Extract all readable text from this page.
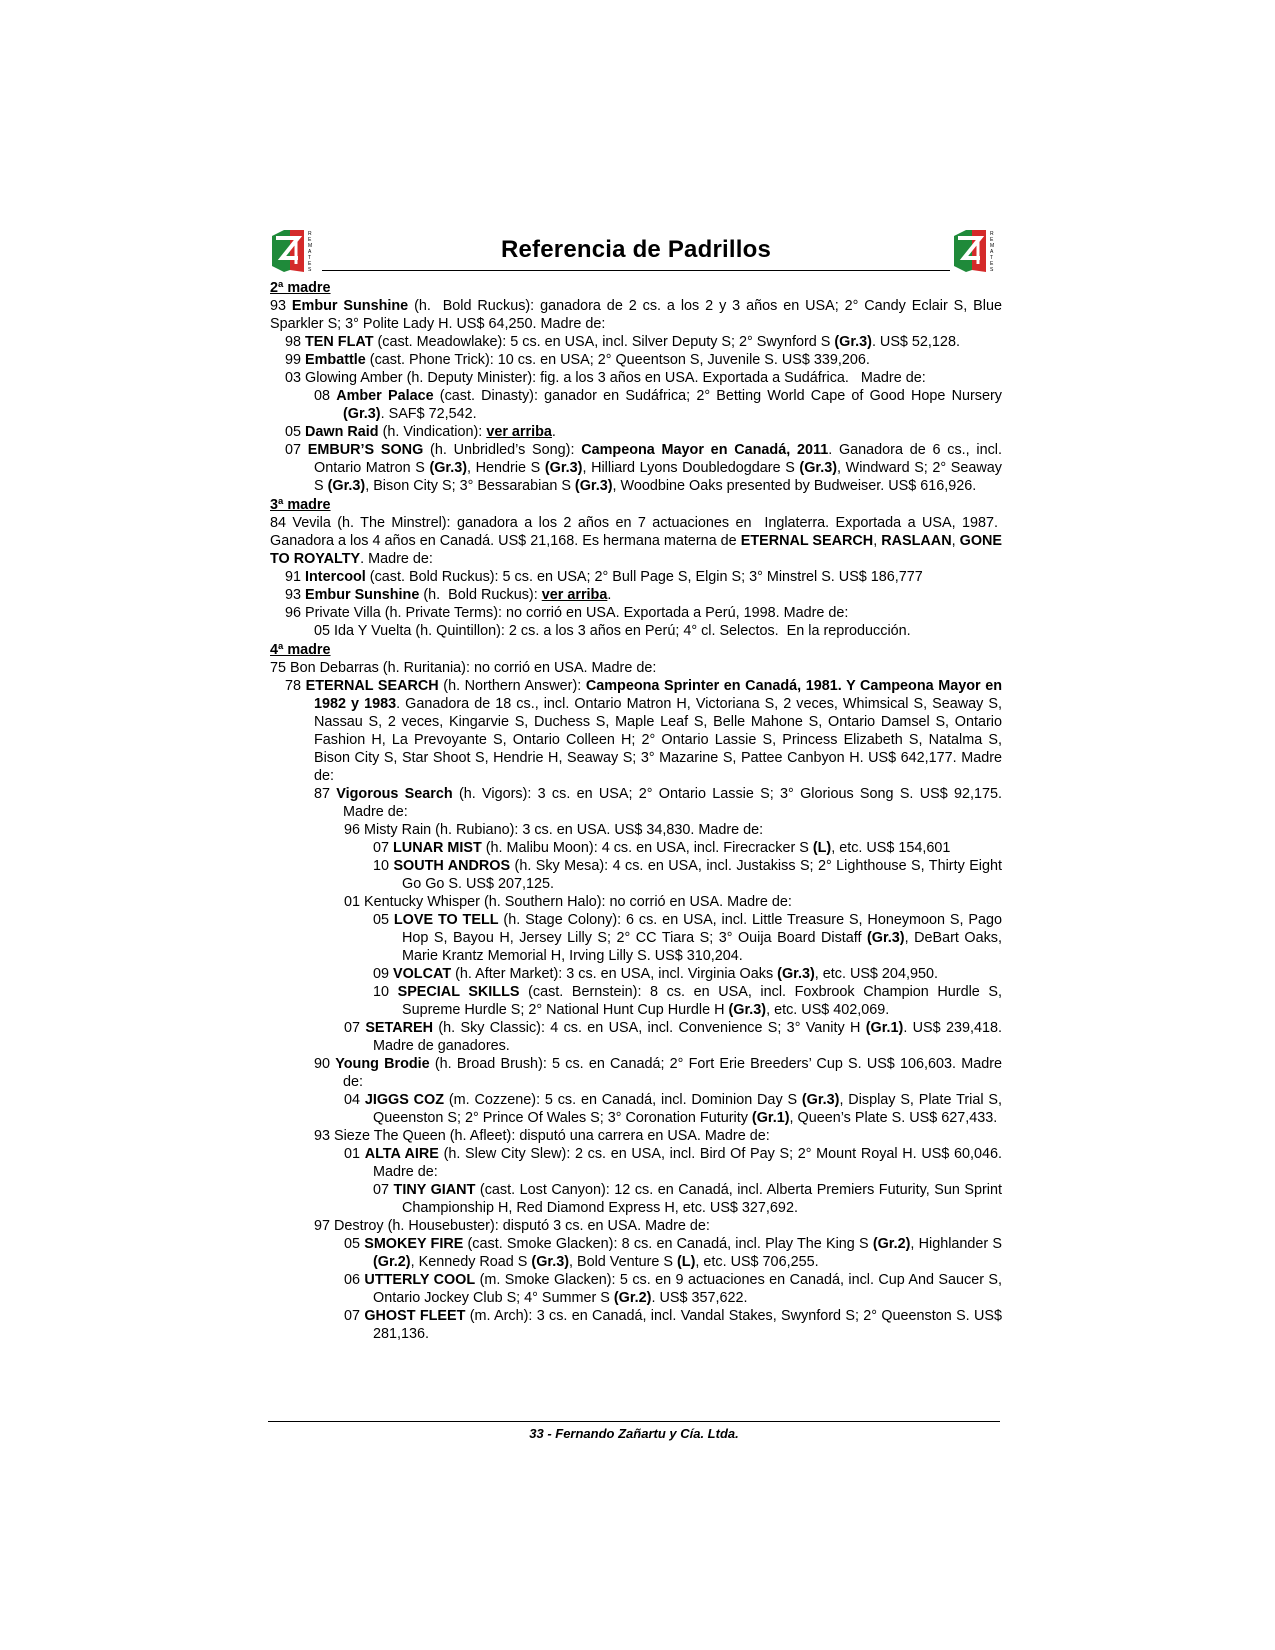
R
E
M
A
T
E
S
Referencia de Padrillos
R
E
M
A
T
E
S
2ª madre
93 Embur Sunshine (h.  Bold Ruckus): ganadora de 2 cs. a los 2 y 3 años en USA; 2° Candy Eclair S, Blue Sparkler S; 3° Polite Lady H. US$ 64,250. Madre de:
98 TEN FLAT (cast. Meadowlake): 5 cs. en USA, incl. Silver Deputy S; 2° Swynford S (Gr.3). US$ 52,128.
99 Embattle (cast. Phone Trick): 10 cs. en USA; 2° Queentson S, Juvenile S. US$ 339,206.
03 Glowing Amber (h. Deputy Minister): fig. a los 3 años en USA. Exportada a Sudáfrica.   Madre de:
08 Amber Palace (cast. Dinasty): ganador en Sudáfrica; 2° Betting World Cape of Good Hope Nursery (Gr.3). SAF$ 72,542.
05 Dawn Raid (h. Vindication): ver arriba.
07 EMBUR’S SONG (h. Unbridled’s Song): Campeona Mayor en Canadá, 2011. Ganadora de 6 cs., incl. Ontario Matron S (Gr.3), Hendrie S (Gr.3), Hilliard Lyons Doubledogdare S (Gr.3), Windward S; 2° Seaway S (Gr.3), Bison City S; 3° Bessarabian S (Gr.3), Woodbine Oaks presented by Budweiser. US$ 616,926.
3ª madre
84 Vevila (h. The Minstrel): ganadora a los 2 años en 7 actuaciones en  Inglaterra. Exportada a USA, 1987.  Ganadora a los 4 años en Canadá. US$ 21,168. Es hermana materna de ETERNAL SEARCH, RASLAAN, GONE TO ROYALTY. Madre de:
91 Intercool (cast. Bold Ruckus): 5 cs. en USA; 2° Bull Page S, Elgin S; 3° Minstrel S. US$ 186,777
93 Embur Sunshine (h.  Bold Ruckus): ver arriba.
96 Private Villa (h. Private Terms): no corrió en USA. Exportada a Perú, 1998. Madre de:
05 Ida Y Vuelta (h. Quintillon): 2 cs. a los 3 años en Perú; 4° cl. Selectos.  En la reproducción.
4ª madre
75 Bon Debarras (h. Ruritania): no corrió en USA. Madre de:
78 ETERNAL SEARCH (h. Northern Answer): Campeona Sprinter en Canadá, 1981. Y Campeona Mayor en 1982 y 1983. Ganadora de 18 cs., incl. Ontario Matron H, Victoriana S, 2 veces, Whimsical S, Seaway S, Nassau S, 2 veces, Kingarvie S, Duchess S, Maple Leaf S, Belle Mahone S, Ontario Damsel S, Ontario Fashion H, La Prevoyante S, Ontario Colleen H; 2° Ontario Lassie S, Princess Elizabeth S, Natalma S, Bison City S, Star Shoot S, Hendrie H, Seaway S; 3° Mazarine S, Pattee Canbyon H. US$ 642,177. Madre de:
87 Vigorous Search (h. Vigors): 3 cs. en USA; 2° Ontario Lassie S; 3° Glorious Song S. US$ 92,175. Madre de:
96 Misty Rain (h. Rubiano): 3 cs. en USA. US$ 34,830. Madre de:
07 LUNAR MIST (h. Malibu Moon): 4 cs. en USA, incl. Firecracker S (L), etc. US$ 154,601
10 SOUTH ANDROS (h. Sky Mesa): 4 cs. en USA, incl. Justakiss S; 2° Lighthouse S, Thirty Eight Go Go S. US$ 207,125.
01 Kentucky Whisper (h. Southern Halo): no corrió en USA. Madre de:
05 LOVE TO TELL (h. Stage Colony): 6 cs. en USA, incl. Little Treasure S, Honeymoon S, Pago Hop S, Bayou H, Jersey Lilly S; 2° CC Tiara S; 3° Ouija Board Distaff (Gr.3), DeBart Oaks, Marie Krantz Memorial H, Irving Lilly S. US$ 310,204.
09 VOLCAT (h. After Market): 3 cs. en USA, incl. Virginia Oaks (Gr.3), etc. US$ 204,950.
10 SPECIAL SKILLS (cast. Bernstein): 8 cs. en USA, incl. Foxbrook Champion Hurdle S, Supreme Hurdle S; 2° National Hunt Cup Hurdle H (Gr.3), etc. US$ 402,069.
07 SETAREH (h. Sky Classic): 4 cs. en USA, incl. Convenience S; 3° Vanity H (Gr.1). US$ 239,418. Madre de ganadores.
90 Young Brodie (h. Broad Brush): 5 cs. en Canadá; 2° Fort Erie Breeders’ Cup S. US$ 106,603. Madre de:
04 JIGGS COZ (m. Cozzene): 5 cs. en Canadá, incl. Dominion Day S (Gr.3), Display S, Plate Trial S, Queenston S; 2° Prince Of Wales S; 3° Coronation Futurity (Gr.1), Queen’s Plate S. US$ 627,433.
93 Sieze The Queen (h. Afleet): disputó una carrera en USA. Madre de:
01 ALTA AIRE (h. Slew City Slew): 2 cs. en USA, incl. Bird Of Pay S; 2° Mount Royal H. US$ 60,046. Madre de:
07 TINY GIANT (cast. Lost Canyon): 12 cs. en Canadá, incl. Alberta Premiers Futurity, Sun Sprint Championship H, Red Diamond Express H, etc. US$ 327,692.
97 Destroy (h. Housebuster): disputó 3 cs. en USA. Madre de:
05 SMOKEY FIRE (cast. Smoke Glacken): 8 cs. en Canadá, incl. Play The King S (Gr.2), Highlander S (Gr.2), Kennedy Road S (Gr.3), Bold Venture S (L), etc. US$ 706,255.
06 UTTERLY COOL (m. Smoke Glacken): 5 cs. en 9 actuaciones en Canadá, incl. Cup And Saucer S, Ontario Jockey Club S; 4° Summer S (Gr.2). US$ 357,622.
07 GHOST FLEET (m. Arch): 3 cs. en Canadá, incl. Vandal Stakes, Swynford S; 2° Queenston S. US$ 281,136.
33 - Fernando Zañartu y Cía. Ltda.
